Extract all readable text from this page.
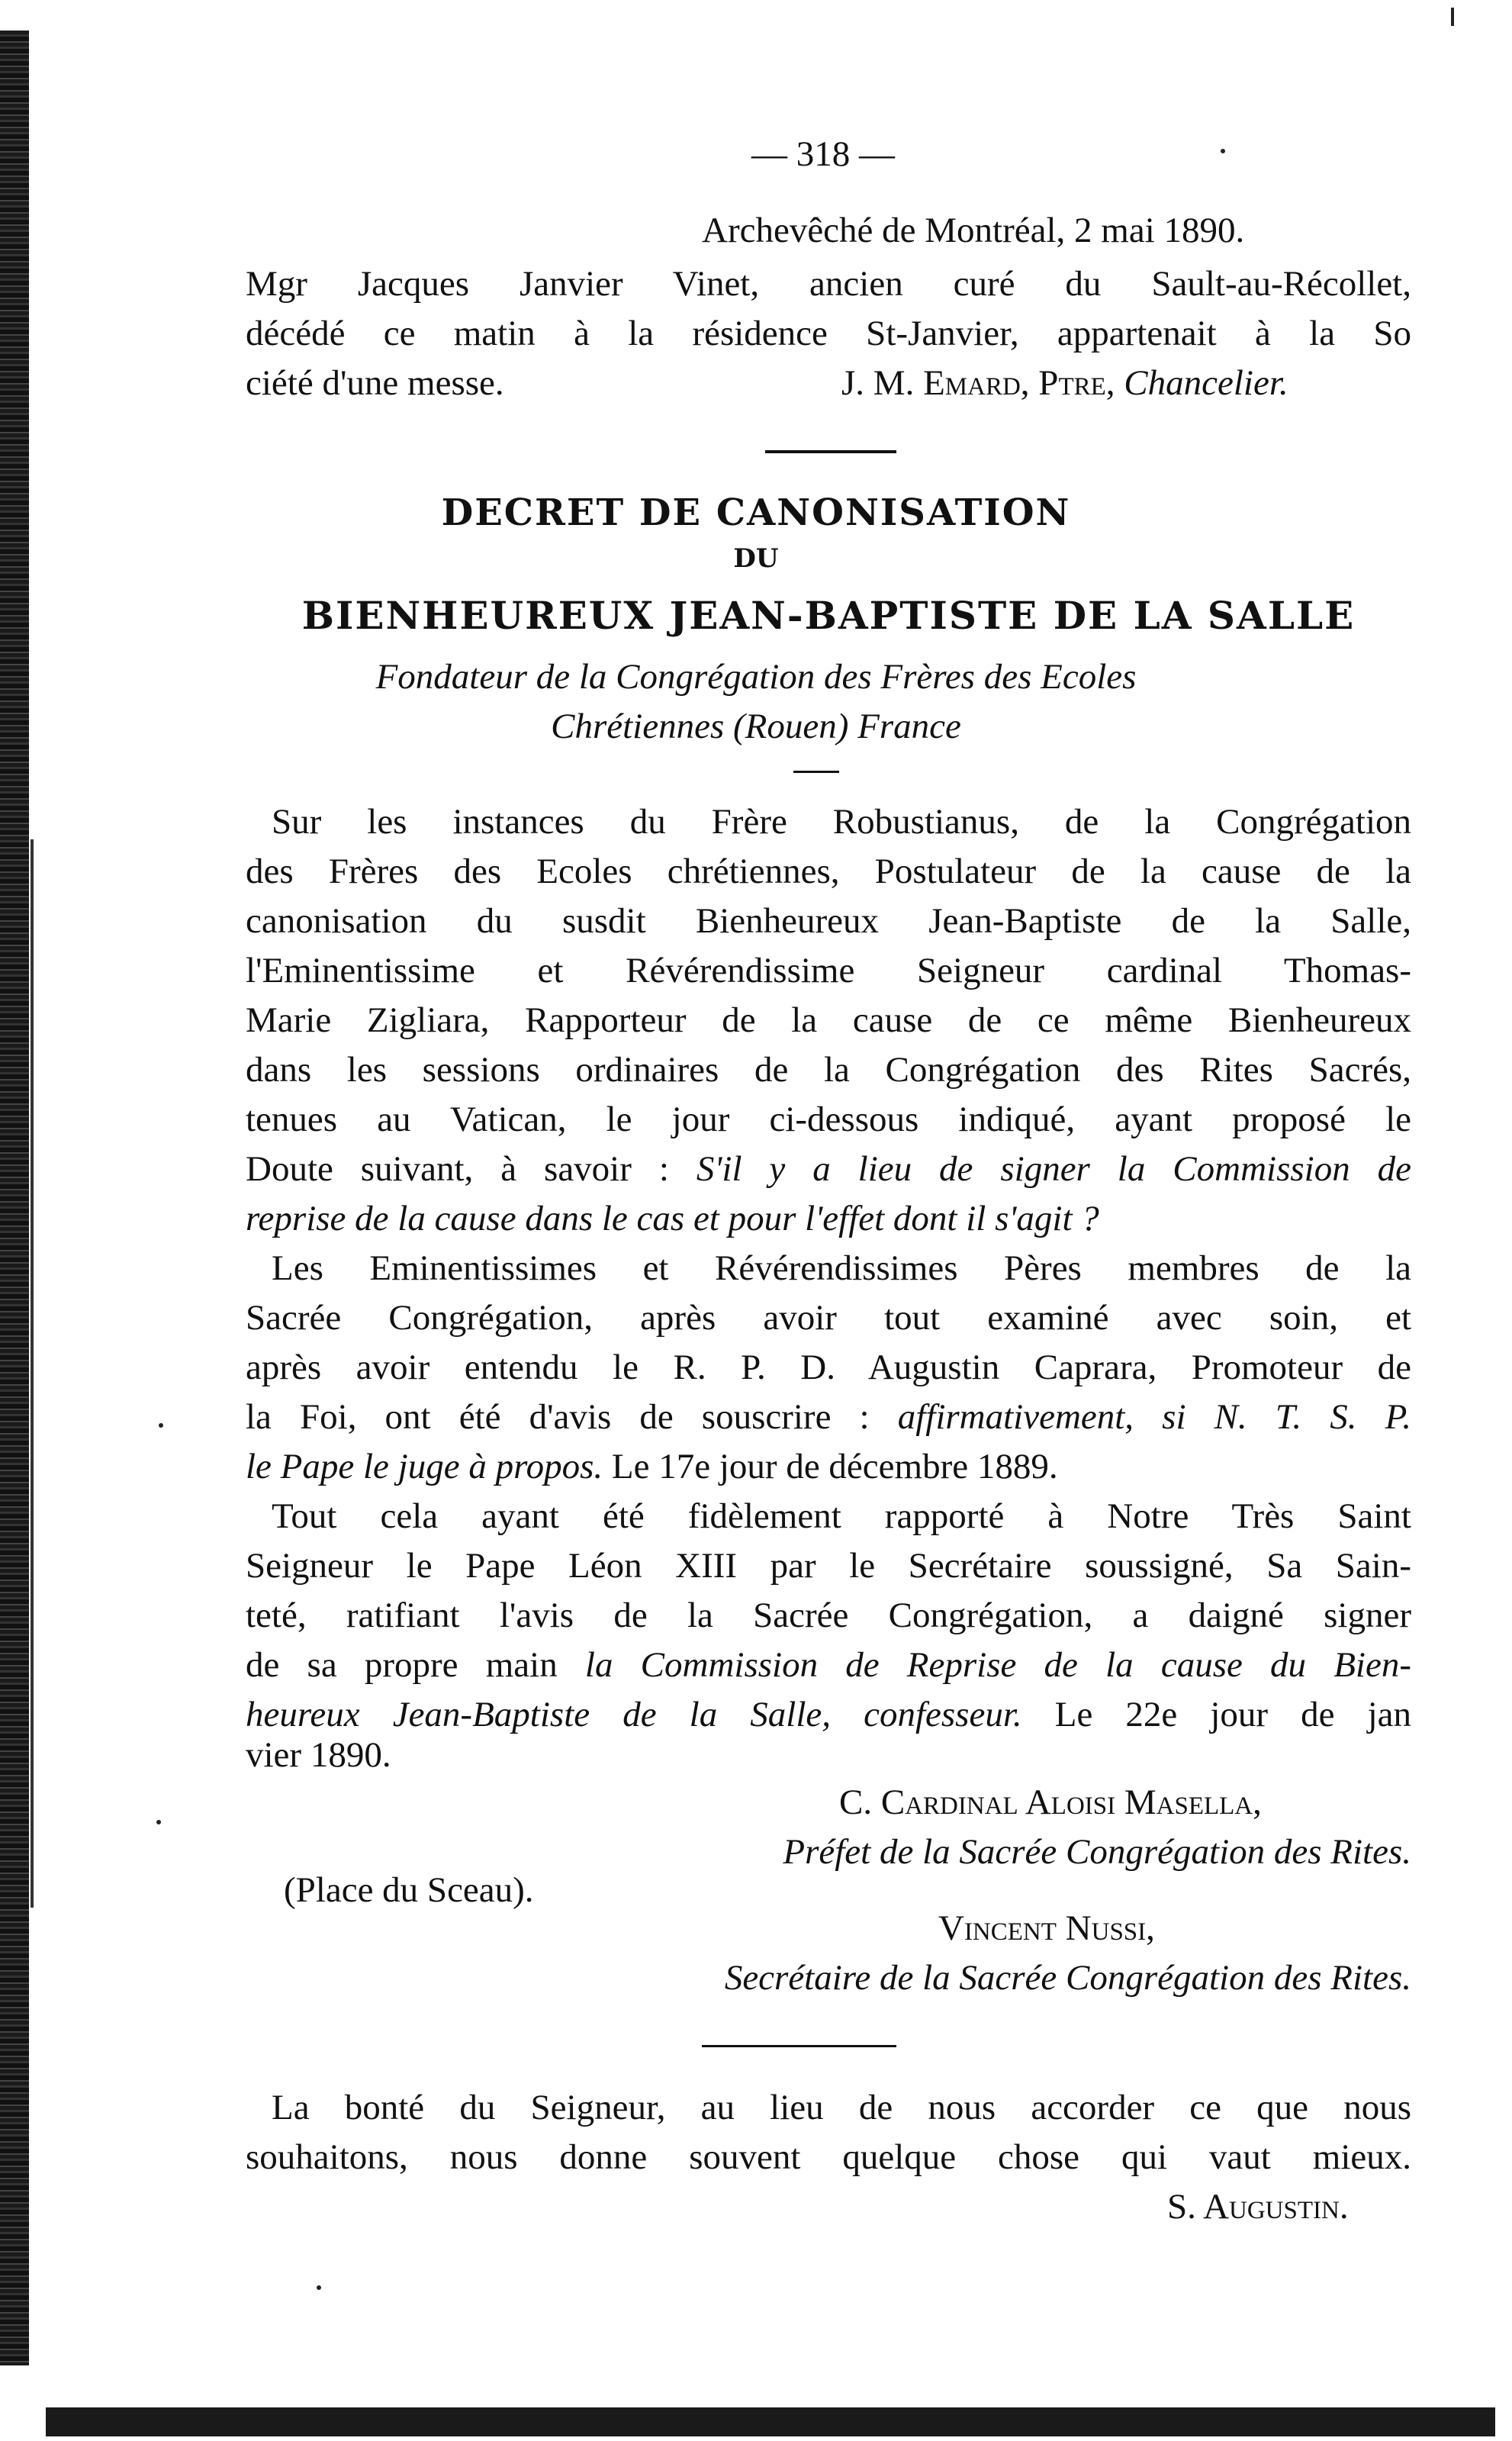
— 318 —
Archevêché de Montréal, 2 mai 1890.
Mgr Jacques Janvier Vinet, ancien curé du Sault-au-Récollet,
décédé ce matin à la résidence St-Janvier, appartenait à la So
ciété d'une messe.	J. M. Emard, Ptre, Chancelier.
DECRET DE CANONISATION
DU
BIENHEUREUX JEAN-BAPTISTE DE LA SALLE
Fondateur de la Congrégation des Frères des Ecoles
Chrétiennes (Rouen) France
Sur les instances du Frère Robustianus, de la Congrégation
des Frères des Ecoles chrétiennes, Postulateur de la cause de la
canonisation du susdit Bienheureux Jean-Baptiste de la Salle,
l'Eminentissime et Révérendissime Seigneur cardinal Thomas-
Marie Zigliara, Rapporteur de la cause de ce même Bienheureux
dans les sessions ordinaires de la Congrégation des Rites Sacrés,
tenues au Vatican, le jour ci-dessous indiqué, ayant proposé le
Doute suivant, à savoir : S'il y a lieu de signer la Commission de
reprise de la cause dans le cas et pour l'effet dont il s'agit ?
Les Eminentissimes et Révérendissimes Pères membres de la
Sacrée Congrégation, après avoir tout examiné avec soin, et
après avoir entendu le R. P. D. Augustin Caprara, Promoteur de
la Foi, ont été d'avis de souscrire : affirmativement, si N. T. S. P.
le Pape le juge à propos. Le 17e jour de décembre 1889.
Tout cela ayant été fidèlement rapporté à Notre Très Saint
Seigneur le Pape Léon XIII par le Secrétaire soussigné, Sa Sain-
teté, ratifiant l'avis de la Sacrée Congrégation, a daigné signer
de sa propre main la Commission de Reprise de la cause du Bien-
heureux Jean-Baptiste de la Salle, confesseur. Le 22e jour de jan
vier 1890.
C. Cardinal Aloisi Masella,
Préfet de la Sacrée Congrégation des Rites.
(Place du Sceau).
Vincent Nussi,
Secrétaire de la Sacrée Congrégation des Rites.
La bonté du Seigneur, au lieu de nous accorder ce que nous
souhaitons, nous donne souvent quelque chose qui vaut mieux.
S. Augustin.
